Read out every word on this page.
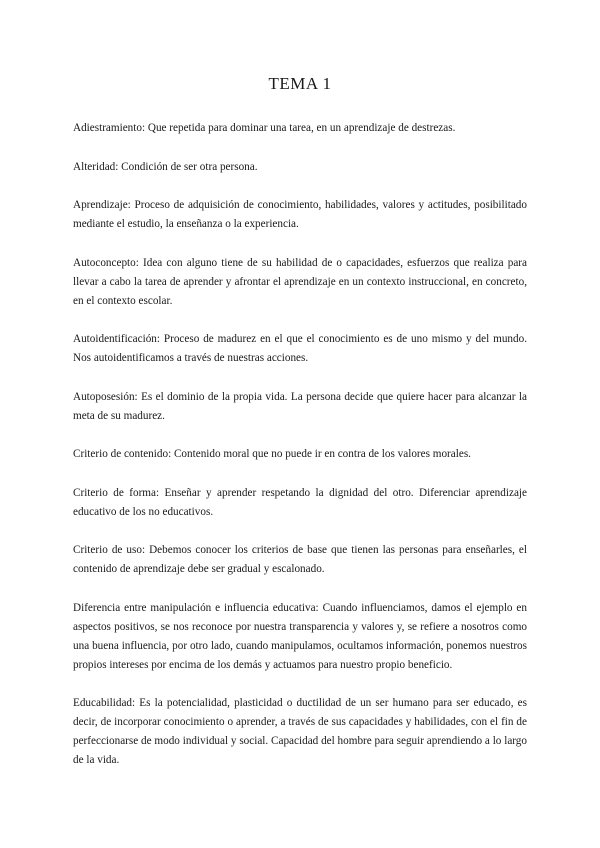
TEMA 1

Adiestramiento: Que repetida para dominar una tarea, en un aprendizaje de destrezas.

Alteridad: Condición de ser otra persona.

Aprendizaje: Proceso de adquisición de conocimiento, habilidades, valores y actitudes, posibilitado mediante el estudio, la enseñanza o la experiencia.

Autoconcepto: Idea con alguno tiene de su habilidad de o capacidades, esfuerzos que realiza para llevar a cabo la tarea de aprender y afrontar el aprendizaje en un contexto instruccional, en concreto, en el contexto escolar.

Autoidentificación: Proceso de madurez en el que el conocimiento es de uno mismo y del mundo. Nos autoidentificamos a través de nuestras acciones.

Autoposesión: Es el dominio de la propia vida. La persona decide que quiere hacer para alcanzar la meta de su madurez.

Criterio de contenido: Contenido moral que no puede ir en contra de los valores morales.

Criterio de forma: Enseñar y aprender respetando la dignidad del otro. Diferenciar aprendizaje educativo de los no educativos.

Criterio de uso: Debemos conocer los criterios de base que tienen las personas para enseñarles, el contenido de aprendizaje debe ser gradual y escalonado.

Diferencia entre manipulación e influencia educativa: Cuando influenciamos, damos el ejemplo en aspectos positivos, se nos reconoce por nuestra transparencia y valores y, se refiere a nosotros como una buena influencia, por otro lado, cuando manipulamos, ocultamos información, ponemos nuestros propios intereses por encima de los demás y actuamos para nuestro propio beneficio.

Educabilidad: Es la potencialidad, plasticidad o ductilidad de un ser humano para ser educado, es decir, de incorporar conocimiento o aprender, a través de sus capacidades y habilidades, con el fin de perfeccionarse de modo individual y social. Capacidad del hombre para seguir aprendiendo a lo largo de la vida.
